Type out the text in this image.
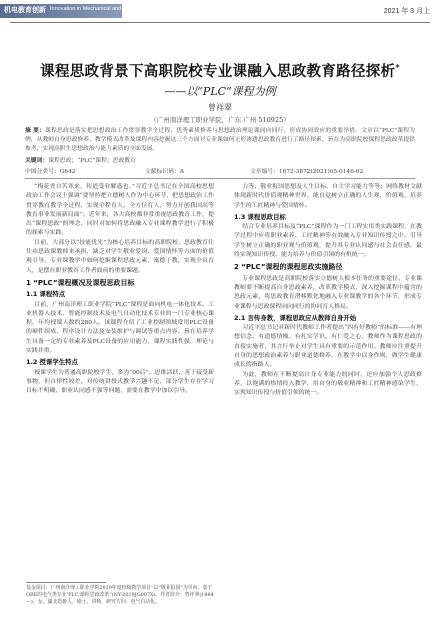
机电教育创新 Innovation in Mechanical and Electronic Education	2021 年 3 月上
课程思政背景下高职院校专业课融入思政教育路径探析*
——以“PLC”课程为例
曾祥翠
（广州南洋理工职业学院，广东 广州 510925）
摘 要：课程思政是落实把思想政治工作贯穿教学全过程、优秀素质修养与思想政治理论课同向同行、形成协同效应的重要举措。文章以“PLC”课程为例，从教师自身思政修养、教学模式改革及课程内容挖掘这三个方面对专业课如何无形渗透思政教育进行了路径探索，旨在为高职院校课程思政改革提供参考，实现高职生思想政治与能力素质的全面发展。
关键词：课程思政；“PLC”课程；思政教育
中图分类号：G642	文献标识码：A	文章编号：1672-3872(2021)05-0146-02

“梅花香自苦寒来，传道受业解惑也。”习近平总书记在全国高校思想政治工作会议上强调“要坚持把立德树人作为中心环节，把思想政治工作贯穿教育教学全过程，实现全程育人、全方位育人，努力开创我国高等教育事业发展新局面”。近年来，各大高校都非常重视思政教育工作，提出“课程思政”的理念，同时对如何将思政融入专业课程教学进行了积极的探索与实践。

目前，大部分以“技能优先”为核心培养目标的高职院校，思政教育往往由思政课教师来承担，缺乏对学生敬业爱岗、爱国情怀等方面的价值观引导。专业课教学中如何挖掘课程思政元素，寓德于教，实现全员育人，是摆在职业教育工作者面前的重要课题。

1 “PLC”课程概况及课程思政目标
1.1 课程特点

目前，广州南洋理工职业学院“PLC”课程是面向机电一体化技术、工业机器人技术、智能控制技术及电气自动化技术专业的一门专业核心课程，年均授课人数约280人。该课程介绍了工业控制领域常用PLC设备的硬件组成、程序设计方法及安装维护与调试等重点内容，旨在培养学生具备一定的专业素养及PLC设备的应用能力，课程实践性强，理论与实践并重。

1.2 授课学生特点

授课学生为普通高职院校学生，多为“00后”，思维活跃，善于接受新事物，但自律性较差，对传统讲授式教学兴趣不足，部分学生存在学习目标不明确、职业认同感不强等问题，需要在教学中加以引导。

力等；敬业报国思想及人生目标，自主学习能力等等；网络教材文献体现新时代价值观精神世界，能自觉树立正确的人生观、价值观，培养学生的工匠精神与爱国情怀。

1.3 课程思政目标

结合专业培养目标及“PLC”课程作为一门工程实用类实践课程，在教学过程中应将职业素养、工匠精神等有效融入专业知识传授之中，引导学生树立正确的职业观与价值观，提升其专业认同感与社会责任感，最终实现知识传授、能力培养与价值引领的有机统一。

2 “PLC”课程的课程思政实施路径

专业课程思政是高职院校落实立德树人根本任务的重要途径。专业课教师要不断提高自身思政素养，改革教学模式，深入挖掘课程中蕴含的思政元素，将思政教育潜移默化地融入专业课教学的各个环节，形成专业课程与思政课程同向同行的协同育人格局。

2.1 言传身教，课程思政应从教师自身开始

习近平总书记对新时代教师工作者提出“四有好教师”的标准——有理想信念、有道德情操、有扎实学识、有仁爱之心。教师作为课程思政的直接实施者，其言行举止对学生具有重要的示范作用。教师应注重提升自身的思想政治素养与职业道德修养，在教学中以身作则，做学生健康成长的指路人。

为此，教师在不断提高自身专业能力的同时，还应加强个人思政修养，以饱满的热情投入教学，用自身的敬业精神和工匠精神感染学生，实现知识传授与价值引领的统一。

基金项目：广州南洋理工职业学院2019年度校级教学项目“以“敬业报国”为导向，基于OBE的电气类专业‘PLC’课程思政改革”(NY-2019JG007X)。作者简介：曾祥翠(1984—)，女，湖北恩施人，硕士，讲师，研究方向：电气自动化。
